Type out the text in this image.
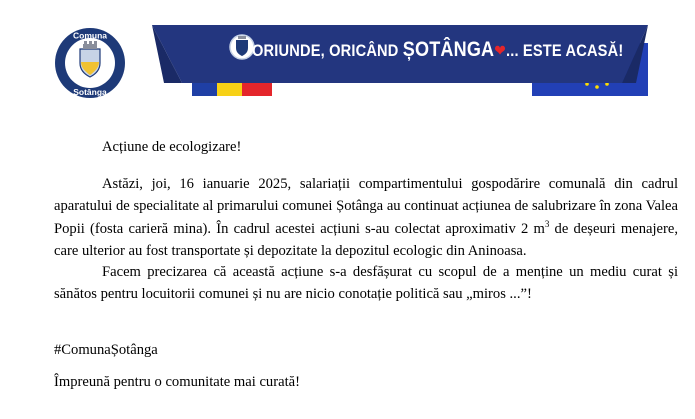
Comuna
Șotânga
ORIUNDE, ORICÂND ȘOTÂNGA❤... ESTE ACASĂ!
Acțiune de ecologizare!
Astăzi, joi, 16 ianuarie 2025, salariații compartimentului gospodărire comunală din cadrul aparatului de specialitate al primarului comunei Șotânga au continuat acțiunea de salubrizare în zona Valea Popii (fosta carieră mina). În cadrul acestei acțiuni s-au colectat aproximativ 2 $m^3$ de deșeuri menajere, care ulterior au fost transportate și depozitate la depozitul ecologic din Aninoasa.
Facem precizarea că această acțiune s-a desfășurat cu scopul de a menține un mediu curat și sănătos pentru locuitorii comunei și nu are nicio conotație politică sau „miros ...”!
#ComunaȘotânga
Împreună pentru o comunitate mai curată!
